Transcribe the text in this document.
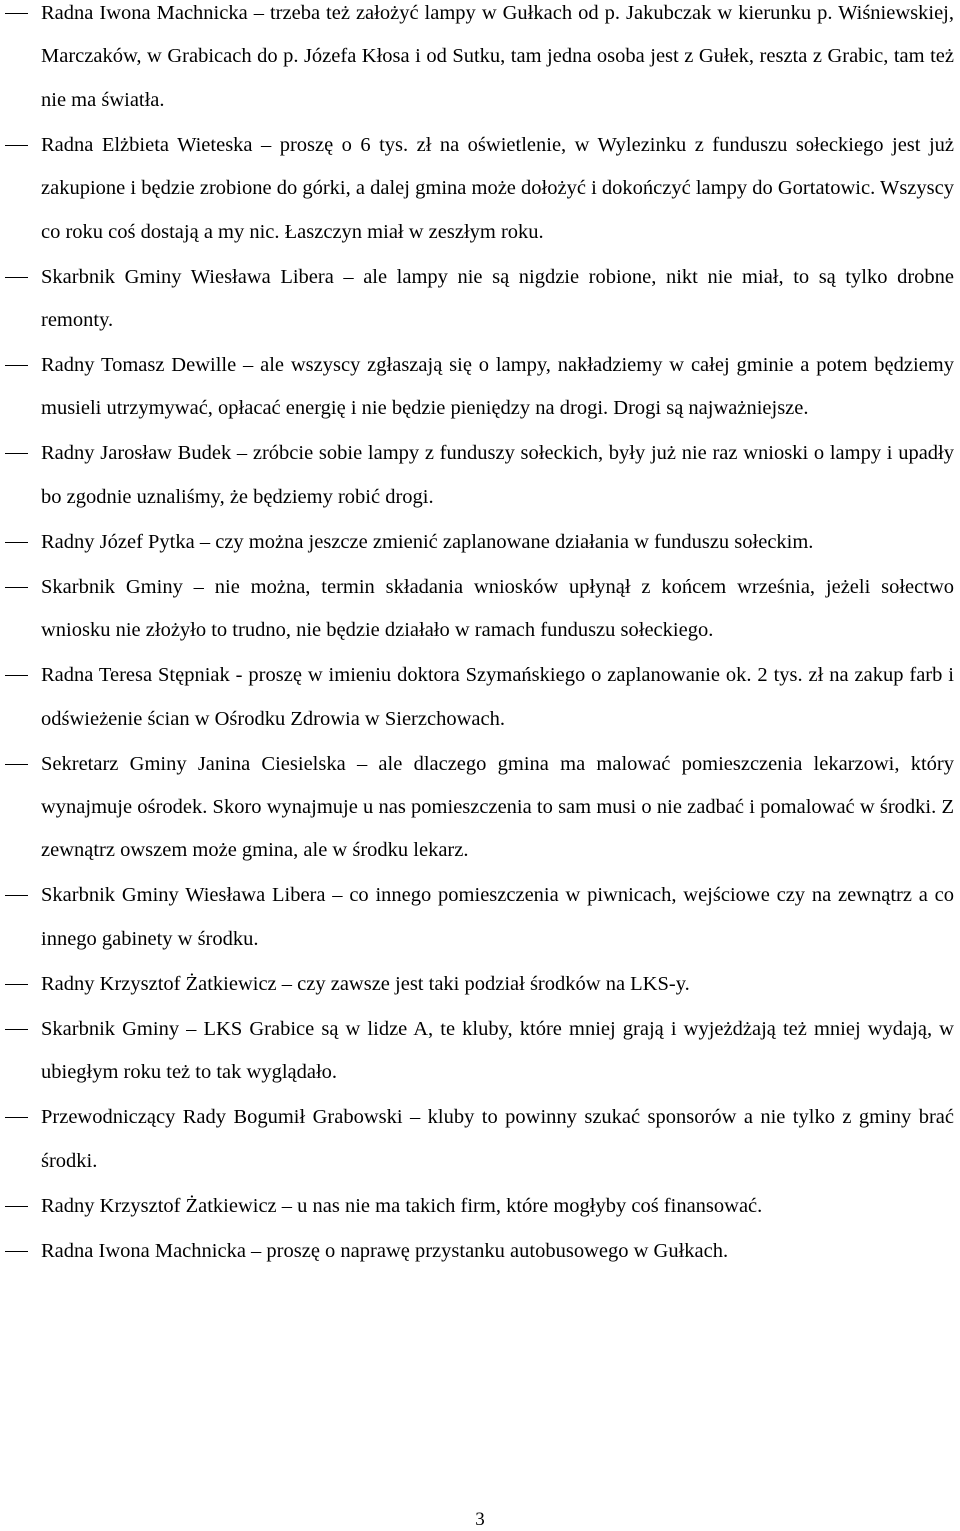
Radna Iwona Machnicka – trzeba też założyć lampy w Gułkach od p. Jakubczak w kierunku p. Wiśniewskiej, Marczaków, w Grabicach do p. Józefa Kłosa i od Sutku, tam jedna osoba jest z Gułek, reszta z Grabic, tam też nie ma światła.
Radna Elżbieta Wieteska – proszę o 6 tys. zł na oświetlenie, w Wylezinku z funduszu sołeckiego jest już zakupione i będzie zrobione do górki, a dalej gmina może dołożyć i dokończyć lampy do Gortatowic. Wszyscy co roku coś dostają a my nic. Łaszczyn miał w zeszłym roku.
Skarbnik Gminy Wiesława Libera – ale lampy nie są nigdzie robione, nikt nie miał, to są tylko drobne remonty.
Radny Tomasz Dewille – ale wszyscy zgłaszają się o lampy, nakładziemy w całej gminie a potem będziemy musieli utrzymywać, opłacać energię i nie będzie pieniędzy na drogi. Drogi są najważniejsze.
Radny Jarosław Budek – zróbcie sobie lampy z funduszy sołeckich, były już nie raz wnioski o lampy i upadły bo zgodnie uznaliśmy, że będziemy robić drogi.
Radny Józef Pytka – czy można jeszcze zmienić zaplanowane działania w funduszu sołeckim.
Skarbnik Gminy – nie można, termin składania wniosków upłynął z końcem września, jeżeli sołectwo wniosku nie złożyło to trudno, nie będzie działało w ramach funduszu sołeckiego.
Radna Teresa Stępniak - proszę w imieniu doktora Szymańskiego o zaplanowanie ok. 2 tys. zł na zakup farb i odświeżenie ścian w Ośrodku Zdrowia w Sierzchowach.
Sekretarz Gminy Janina Ciesielska – ale dlaczego gmina ma malować pomieszczenia lekarzowi, który wynajmuje ośrodek. Skoro wynajmuje u nas pomieszczenia to sam musi o nie zadbać i pomalować w środki. Z zewnątrz owszem może gmina, ale w środku lekarz.
Skarbnik Gminy Wiesława Libera – co innego pomieszczenia w piwnicach, wejściowe czy na zewnątrz a co innego gabinety w środku.
Radny Krzysztof Żatkiewicz – czy zawsze jest taki podział środków na LKS-y.
Skarbnik Gminy – LKS Grabice są w lidze A, te kluby, które mniej grają i wyjeżdżają też mniej wydają, w ubiegłym roku też to tak wyglądało.
Przewodniczący Rady Bogumił Grabowski – kluby to powinny szukać sponsorów a nie tylko z gminy brać środki.
Radny Krzysztof Żatkiewicz – u nas nie ma takich firm, które mogłyby coś finansować.
Radna Iwona Machnicka – proszę o naprawę przystanku autobusowego w Gułkach.
3
